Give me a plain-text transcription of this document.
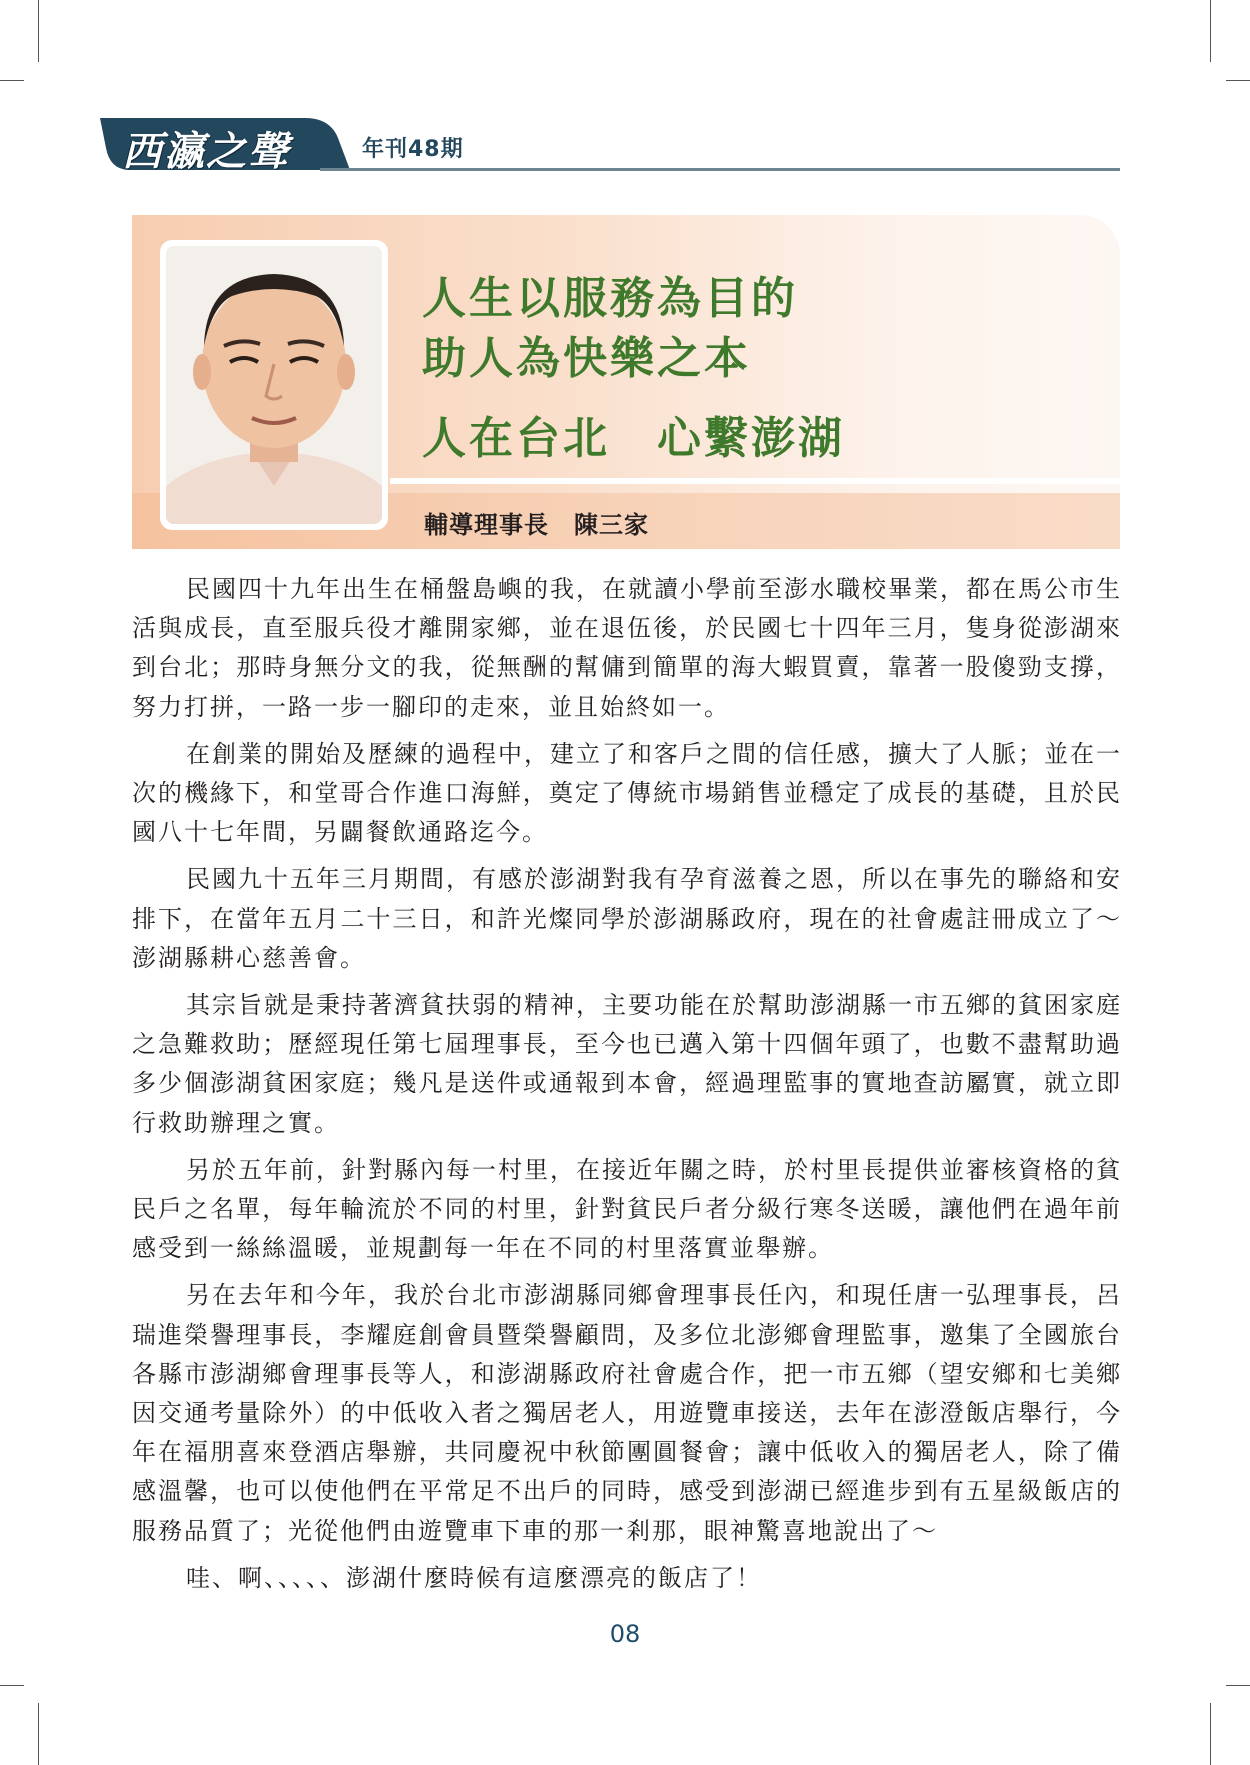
西瀛之聲	年刊48期
人生以服務為目的
助人為快樂之本
人在台北　心繫澎湖
輔導理事長　陳三家

民國四十九年出生在桶盤島嶼的我，在就讀小學前至澎水職校畢業，都在馬公市生活與成長，直至服兵役才離開家鄉，並在退伍後，於民國七十四年三月，隻身從澎湖來到台北；那時身無分文的我，從無酬的幫傭到簡單的海大蝦買賣，靠著一股傻勁支撐，努力打拼，一路一步一腳印的走來，並且始終如一。

在創業的開始及歷練的過程中，建立了和客戶之間的信任感，擴大了人脈；並在一次的機緣下，和堂哥合作進口海鮮，奠定了傳統市場銷售並穩定了成長的基礎，且於民國八十七年間，另闢餐飲通路迄今。

民國九十五年三月期間，有感於澎湖對我有孕育滋養之恩，所以在事先的聯絡和安排下，在當年五月二十三日，和許光燦同學於澎湖縣政府，現在的社會處註冊成立了～澎湖縣耕心慈善會。

其宗旨就是秉持著濟貧扶弱的精神，主要功能在於幫助澎湖縣一市五鄉的貧困家庭之急難救助；歷經現任第七屆理事長，至今也已邁入第十四個年頭了，也數不盡幫助過多少個澎湖貧困家庭；幾凡是送件或通報到本會，經過理監事的實地查訪屬實，就立即行救助辦理之實。

另於五年前，針對縣內每一村里，在接近年關之時，於村里長提供並審核資格的貧民戶之名單，每年輪流於不同的村里，針對貧民戶者分級行寒冬送暖，讓他們在過年前感受到一絲絲溫暖，並規劃每一年在不同的村里落實並舉辦。

另在去年和今年，我於台北市澎湖縣同鄉會理事長任內，和現任唐一弘理事長，呂瑞進榮譽理事長，李耀庭創會員暨榮譽顧問，及多位北澎鄉會理監事，邀集了全國旅台各縣市澎湖鄉會理事長等人，和澎湖縣政府社會處合作，把一市五鄉（望安鄉和七美鄉因交通考量除外）的中低收入者之獨居老人，用遊覽車接送，去年在澎澄飯店舉行，今年在福朋喜來登酒店舉辦，共同慶祝中秋節團圓餐會；讓中低收入的獨居老人，除了備感溫馨，也可以使他們在平常足不出戶的同時，感受到澎湖已經進步到有五星級飯店的服務品質了；光從他們由遊覽車下車的那一剎那，眼神驚喜地說出了～

哇、啊、、、、、澎湖什麼時候有這麼漂亮的飯店了！

08
